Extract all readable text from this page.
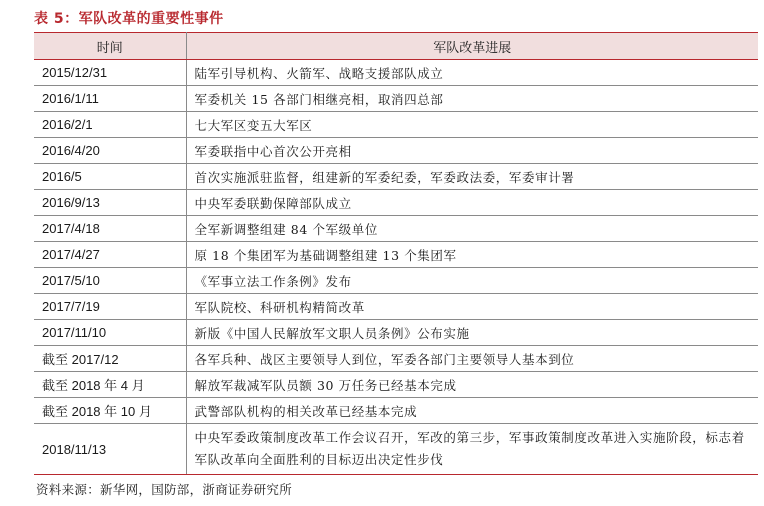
表 5：军队改革的重要性事件
时间	军队改革进展
2015/12/31	陆军引导机构、火箭军、战略支援部队成立
2016/1/11	军委机关 15 各部门相继亮相，取消四总部
2016/2/1	七大军区变五大军区
2016/4/20	军委联指中心首次公开亮相
2016/5	首次实施派驻监督，组建新的军委纪委，军委政法委，军委审计署
2016/9/13	中央军委联勤保障部队成立
2017/4/18	全军新调整组建 84 个军级单位
2017/4/27	原 18 个集团军为基础调整组建 13 个集团军
2017/5/10	《军事立法工作条例》发布
2017/7/19	军队院校、科研机构精简改革
2017/11/10	新版《中国人民解放军文职人员条例》公布实施
截至 2017/12	各军兵种、战区主要领导人到位，军委各部门主要领导人基本到位
截至 2018 年 4 月	解放军裁减军队员额 30 万任务已经基本完成
截至 2018 年 10 月	武警部队机构的相关改革已经基本完成
2018/11/13	中央军委政策制度改革工作会议召开，军改的第三步，军事政策制度改革进入实施阶段，标志着军队改革向全面胜利的目标迈出决定性步伐
资料来源：新华网，国防部，浙商证券研究所
